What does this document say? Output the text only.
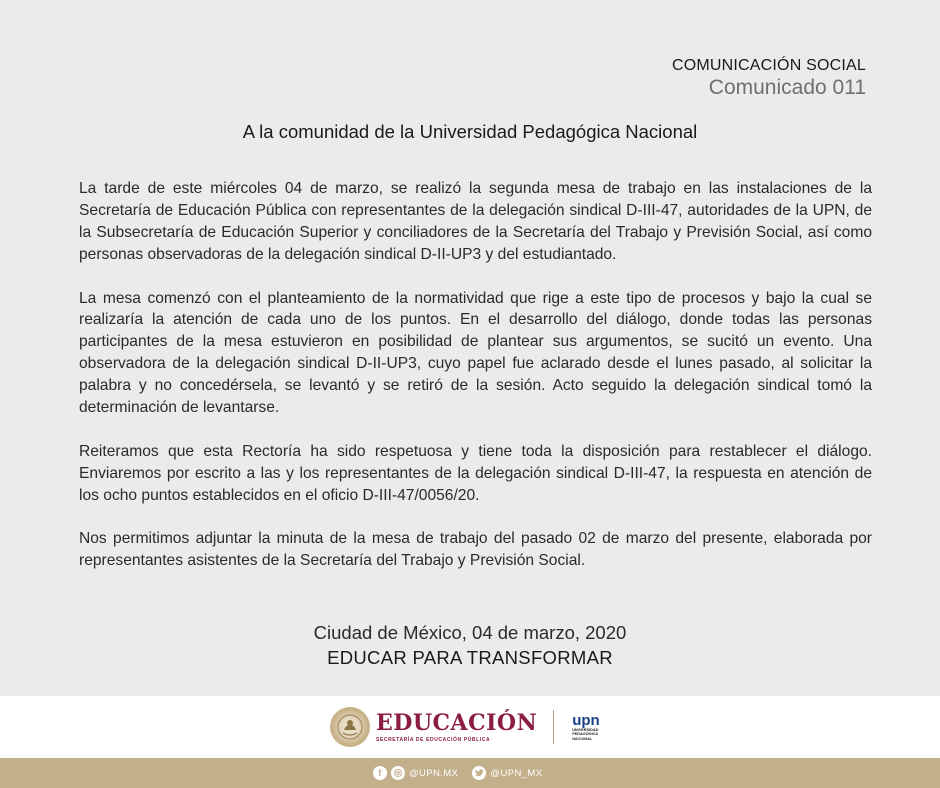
COMUNICACIÓN SOCIAL
Comunicado 011
A la comunidad de la Universidad Pedagógica Nacional

La tarde de este miércoles 04 de marzo, se realizó la segunda mesa de trabajo en las instalaciones de la Secretaría de Educación Pública con representantes de la delegación sindical D-III-47, autoridades de la UPN, de la Subsecretaría de Educación Superior y conciliadores de la Secretaría del Trabajo y Previsión Social, así como personas observadoras de la delegación sindical D-II-UP3 y del estudiantado.

La mesa comenzó con el planteamiento de la normatividad que rige a este tipo de procesos y bajo la cual se realizaría la atención de cada uno de los puntos. En el desarrollo del diálogo, donde todas las personas participantes de la mesa estuvieron en posibilidad de plantear sus argumentos, se sucitó un evento. Una observadora de la delegación sindical D-II-UP3, cuyo papel fue aclarado desde el lunes pasado, al solicitar la palabra y no concedérsela, se levantó y se retiró de la sesión. Acto seguido la delegación sindical tomó la determinación de levantarse.

Reiteramos que esta Rectoría ha sido respetuosa y tiene toda la disposición para restablecer el diálogo. Enviaremos por escrito a las y los representantes de la delegación sindical D-III-47, la respuesta en atención de los ocho puntos establecidos en el oficio D-III-47/0056/20.

Nos permitimos adjuntar la minuta de la mesa de trabajo del pasado 02 de marzo del presente, elaborada por representantes asistentes de la Secretaría del Trabajo y Previsión Social.

Ciudad de México, 04 de marzo, 2020
EDUCAR PARA TRANSFORMAR
EDUCACIÓN
SECRETARÍA DE EDUCACIÓN PÚBLICA
upn
UNIVERSIDAD
PEDAGÓGICA
NACIONAL
f	@UPN.MX	@UPN_MX
